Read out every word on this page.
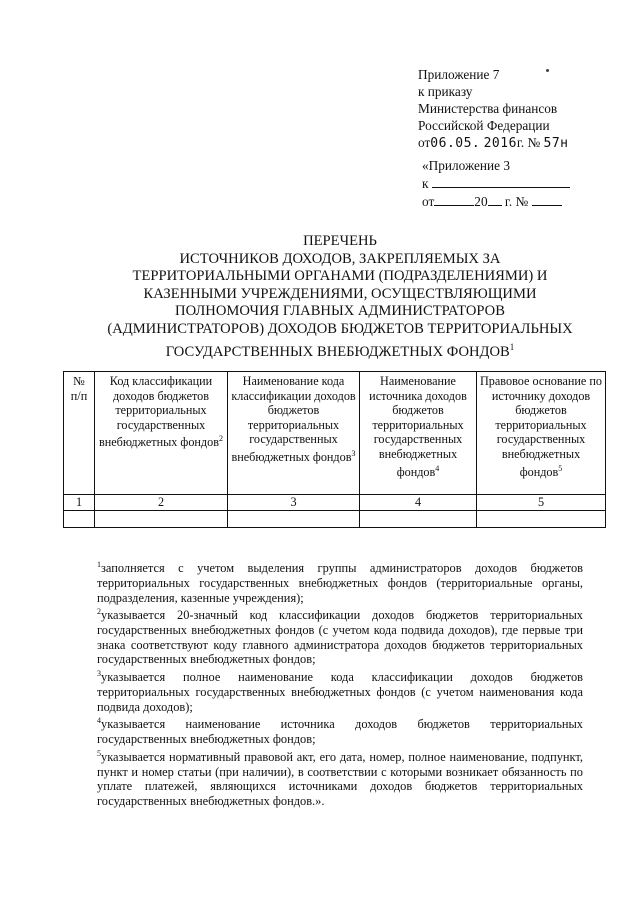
Приложение 7
к приказу
Министерства финансов
Российской Федерации
от06.05. 2016г. № 57н
«Приложение 3
к
от	20 г. №
ПЕРЕЧЕНЬ
ИСТОЧНИКОВ ДОХОДОВ, ЗАКРЕПЛЯЕМЫХ ЗА
ТЕРРИТОРИАЛЬНЫМИ ОРГАНАМИ (ПОДРАЗДЕЛЕНИЯМИ) И
КАЗЕННЫМИ УЧРЕЖДЕНИЯМИ, ОСУЩЕСТВЛЯЮЩИМИ
ПОЛНОМОЧИЯ ГЛАВНЫХ АДМИНИСТРАТОРОВ
(АДМИНИСТРАТОРОВ) ДОХОДОВ БЮДЖЕТОВ ТЕРРИТОРИАЛЬНЫХ
ГОСУДАРСТВЕННЫХ ВНЕБЮДЖЕТНЫХ ФОНДОВ$^1$
№ п/п	Код классификации доходов бюджетов территориальных государственных внебюджетных фондов$^2$	Наименование кода классификации доходов бюджетов территориальных государственных внебюджетных фондов$^3$	Наименование источника доходов бюджетов территориальных государственных внебюджетных фондов$^4$	Правовое основание по источнику доходов бюджетов территориальных государственных внебюджетных фондов$^5$
1	2	3	4	5

$^1$заполняется с учетом выделения группы администраторов доходов бюджетов территориальных государственных внебюджетных фондов (территориальные органы, подразделения, казенные учреждения);

$^2$указывается 20-значный код классификации доходов бюджетов территориальных государственных внебюджетных фондов (с учетом кода подвида доходов), где первые три знака соответствуют коду главного администратора доходов бюджетов территориальных государственных внебюджетных фондов;

$^3$указывается полное наименование кода классификации доходов бюджетов территориальных государственных внебюджетных фондов (с учетом наименования кода подвида доходов);

$^4$указывается наименование источника доходов бюджетов территориальных государственных внебюджетных фондов;

$^5$указывается нормативный правовой акт, его дата, номер, полное наименование, подпункт, пункт и номер статьи (при наличии), в соответствии с которыми возникает обязанность по уплате платежей, являющихся источниками доходов бюджетов территориальных государственных внебюджетных фондов.».
